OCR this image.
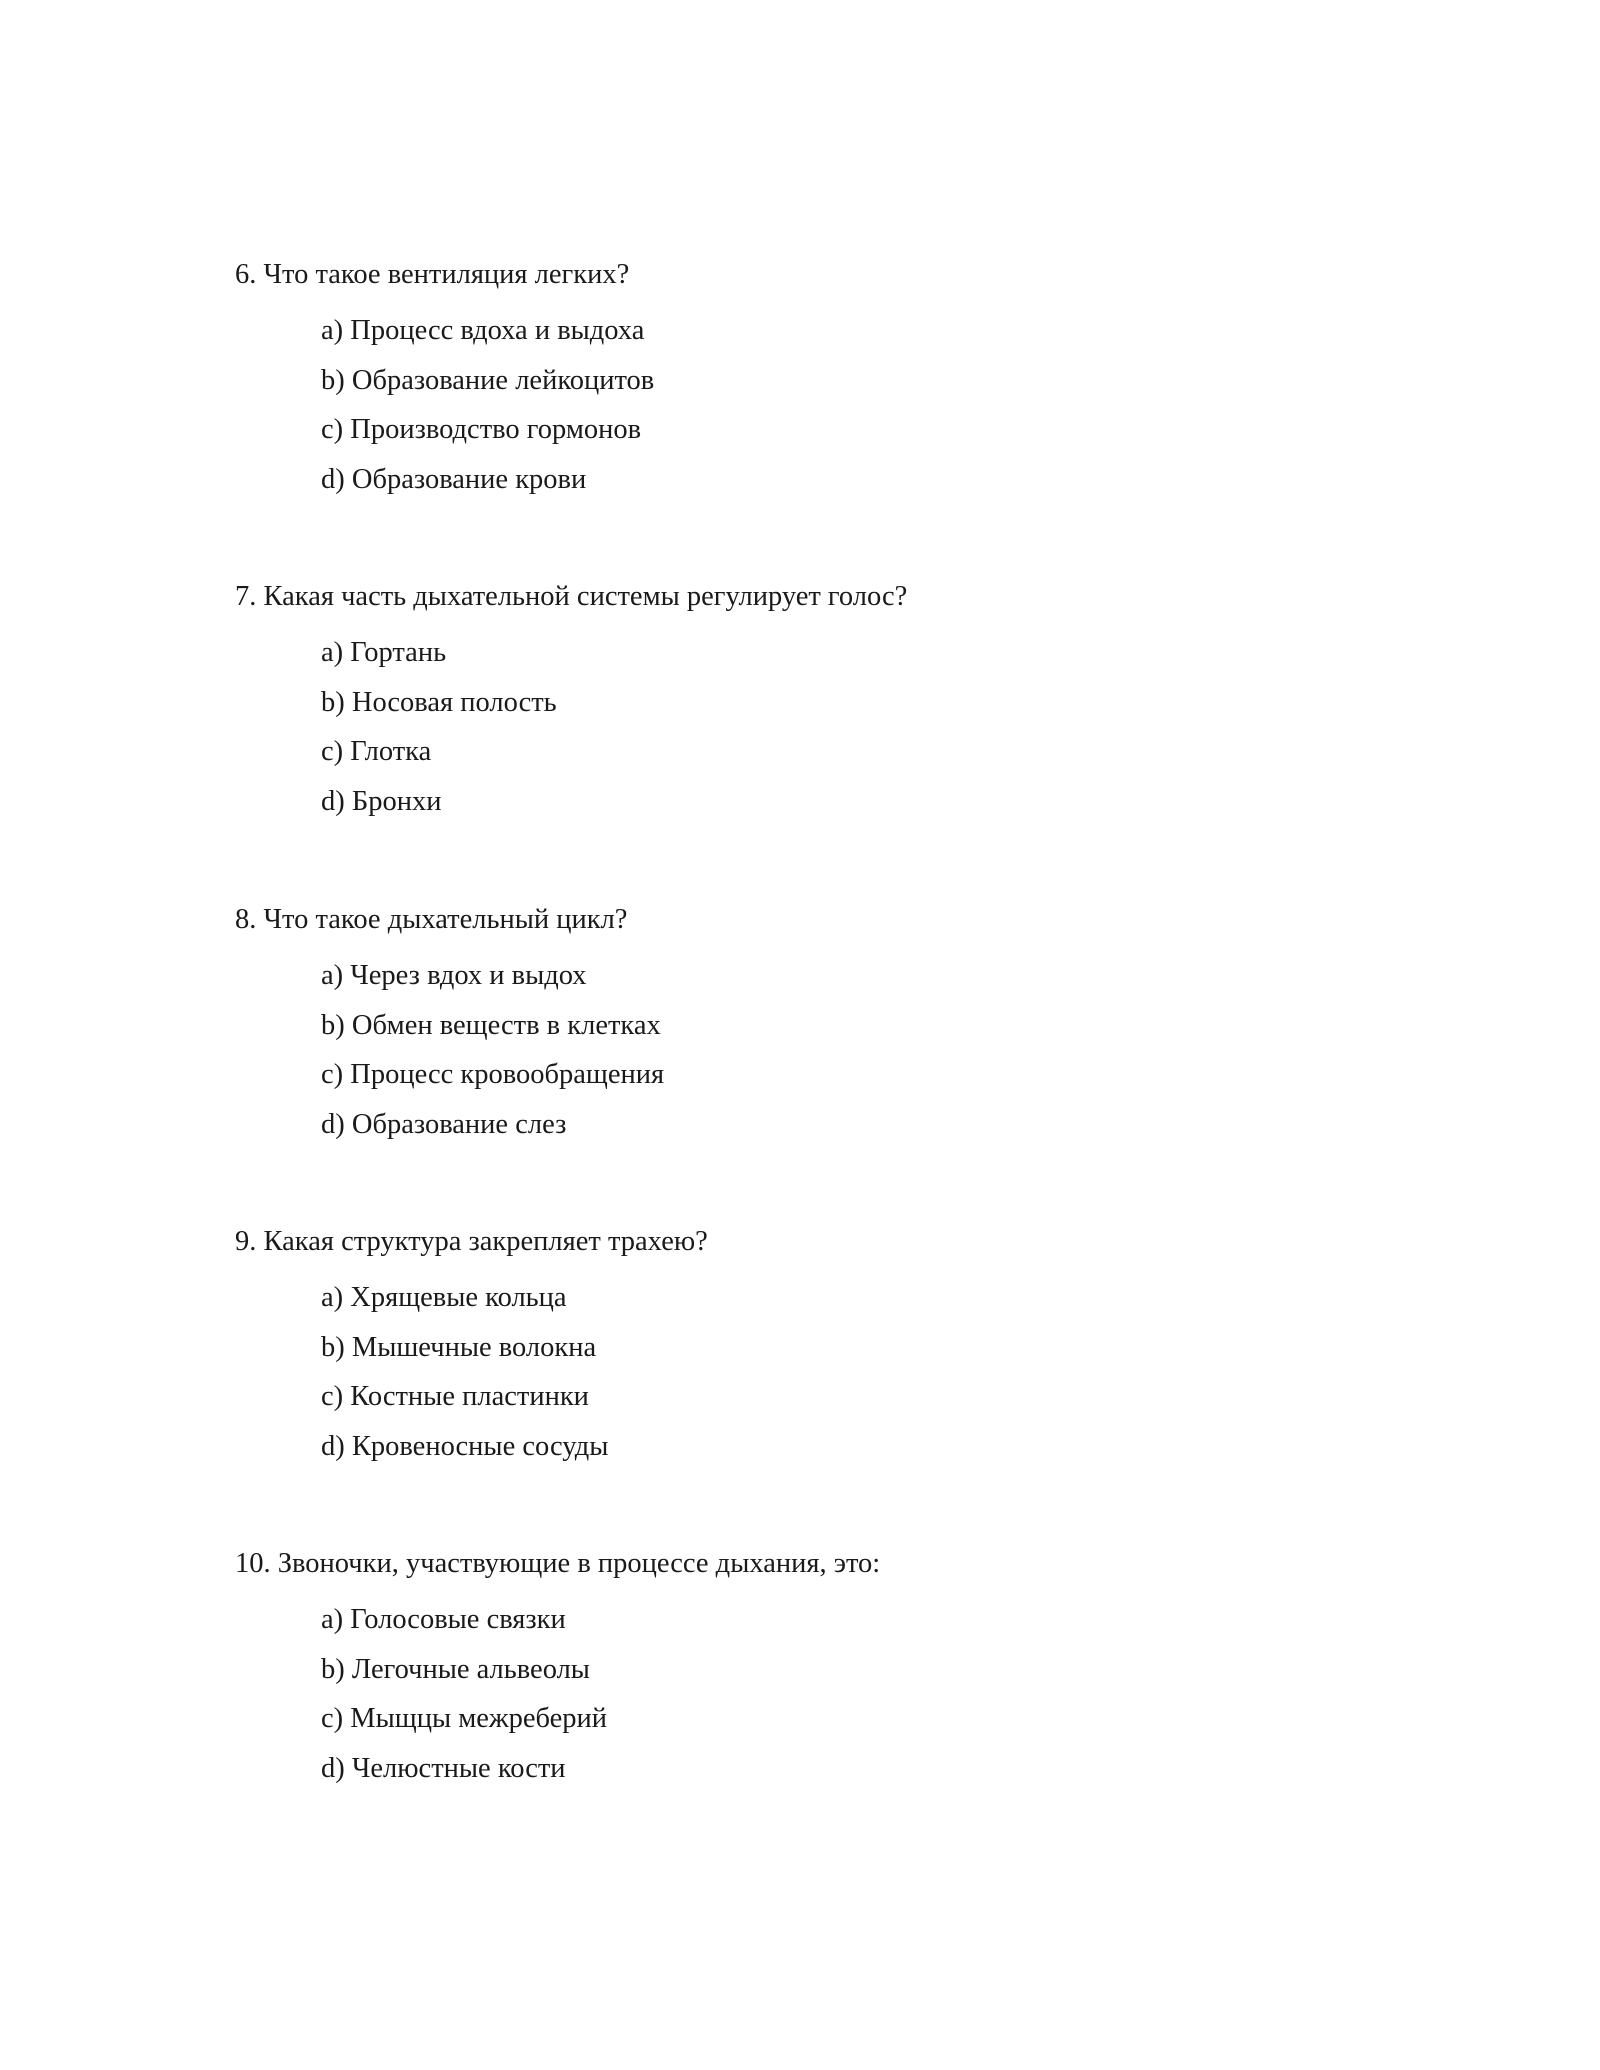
6. Что такое вентиляция легких?

a) Процесс вдоха и выдоха
b) Образование лейкоцитов
c) Производство гормонов
d) Образование крови

7. Какая часть дыхательной системы регулирует голос?

a) Гортань
b) Носовая полость
c) Глотка
d) Бронхи

8. Что такое дыхательный цикл?

a) Через вдох и выдох
b) Обмен веществ в клетках
c) Процесс кровообращения
d) Образование слез

9. Какая структура закрепляет трахею?

a) Хрящевые кольца
b) Мышечные волокна
c) Костные пластинки
d) Кровеносные сосуды

10. Звоночки, участвующие в процессе дыхания, это:

a) Голосовые связки
b) Легочные альвеолы
c) Мыщцы межреберий
d) Челюстные кости
